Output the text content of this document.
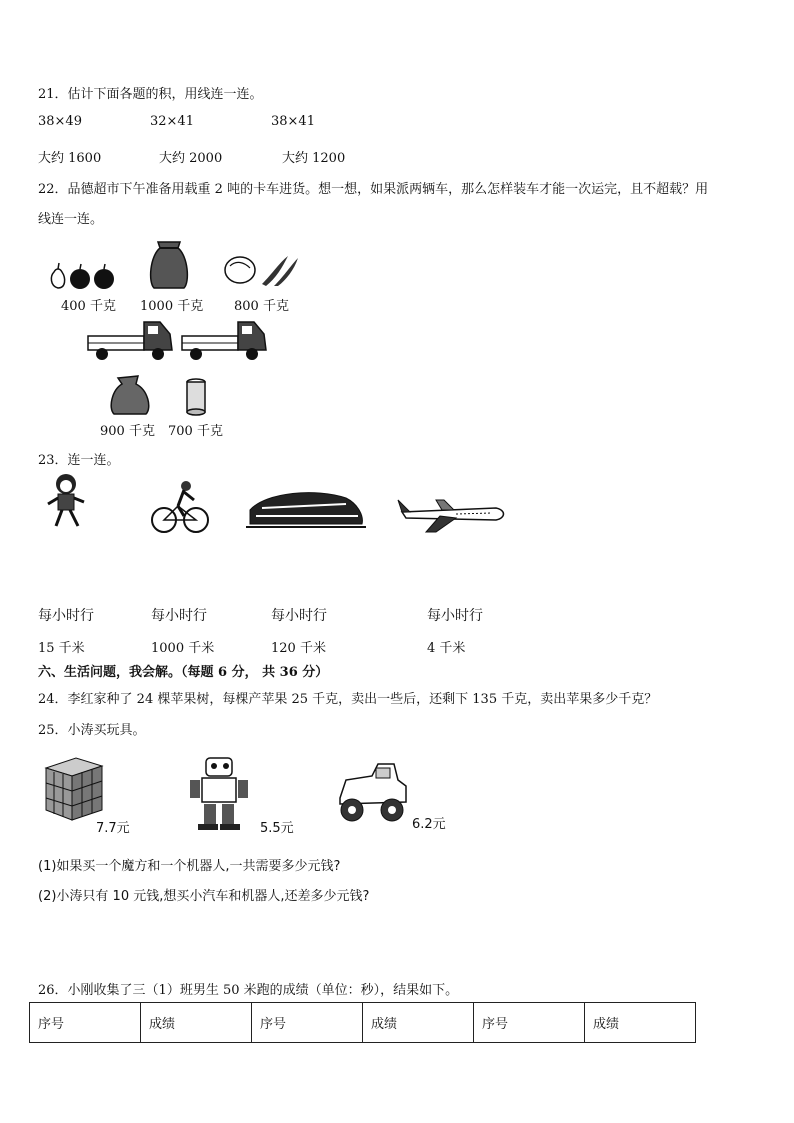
21．估计下面各题的积，用线连一连。
38×49	32×41	38×41
大约 1600	大约 2000	大约 1200
22．品德超市下午准备用载重 2 吨的卡车进货。想一想，如果派两辆车，那么怎样装车才能一次运完，且不超载？用
线连一连。
400 千克 1000 千克 800 千克
900 千克 700 千克
23．连一连。
每小时行	每小时行	每小时行	每小时行
15 千米	1000 千米	120 千米	4 千米
六、生活问题，我会解。（每题 6 分， 共 36 分）
24．李红家种了 24 棵苹果树，每棵产苹果 25 千克，卖出一些后，还剩下 135 千克，卖出苹果多少千克？
25．小涛买玩具。
7.7元	5.5元	6.2元
(1)如果买一个魔方和一个机器人,一共需要多少元钱?
(2)小涛只有 10 元钱,想买小汽车和机器人,还差多少元钱?
26．小刚收集了三（1）班男生 50 米跑的成绩（单位：秒），结果如下。
序号	成绩	序号	成绩	序号	成绩
